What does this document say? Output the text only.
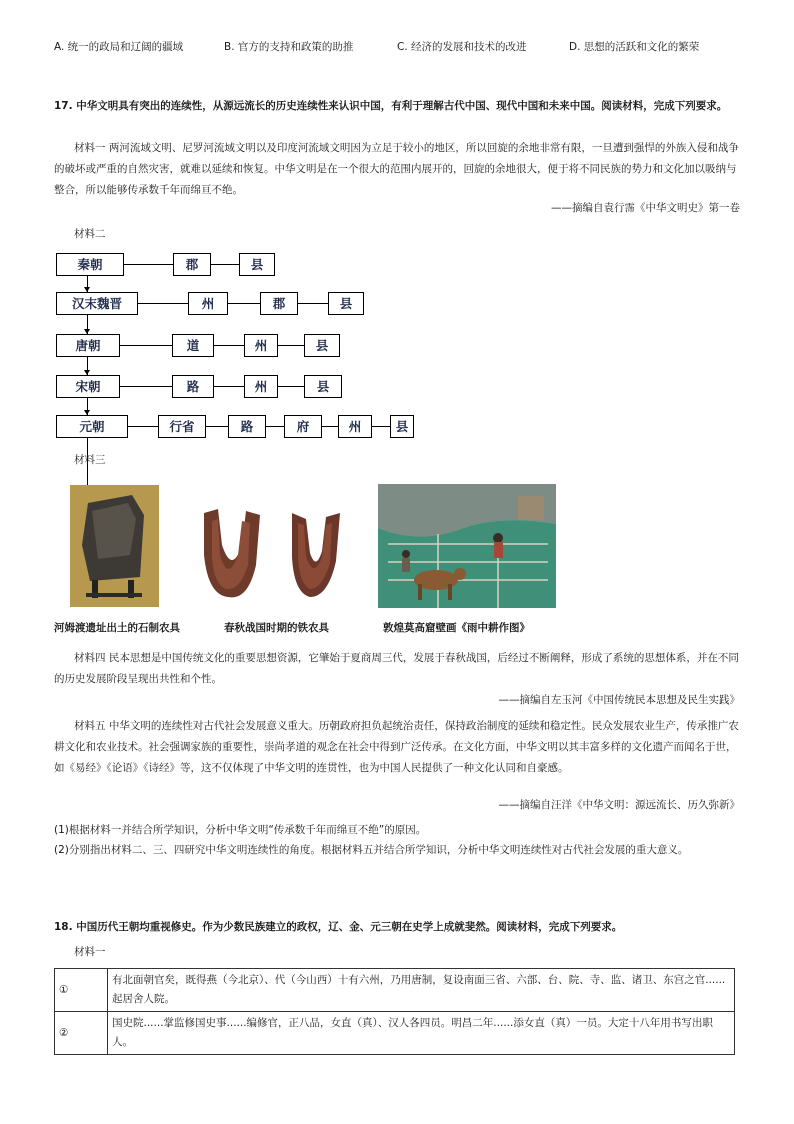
A. 统一的政局和辽阔的疆域	B. 官方的支持和政策的助推	C. 经济的发展和技术的改进	D. 思想的活跃和文化的繁荣
17. 中华文明具有突出的连续性，从源远流长的历史连续性来认识中国，有利于理解古代中国、现代中国和未来中国。阅读材料，完成下列要求。
材料一 两河流域文明、尼罗河流域文明以及印度河流域文明因为立足于较小的地区，所以回旋的余地非常有限，一旦遭到强悍的外族入侵和战争的破坏或严重的自然灾害，就难以延续和恢复。中华文明是在一个很大的范围内展开的，回旋的余地很大，便于将不同民族的势力和文化加以吸纳与整合，所以能够传承数千年而绵亘不绝。
——摘编自袁行霈《中华文明史》第一卷
材料二
秦朝	郡	县
汉末魏晋	州	郡	县
唐朝	道	州	县
宋朝	路	州	县
元朝	行省	路	府	州	县
材料三
河姆渡遗址出土的石制农具	春秋战国时期的铁农具	敦煌莫高窟壁画《雨中耕作图》
材料四 民本思想是中国传统文化的重要思想资源，它肇始于夏商周三代，发展于春秋战国，后经过不断阐释，形成了系统的思想体系，并在不同的历史发展阶段呈现出共性和个性。
——摘编自左玉河《中国传统民本思想及民生实践》
材料五 中华文明的连续性对古代社会发展意义重大。历朝政府担负起统治责任，保持政治制度的延续和稳定性。民众发展农业生产，传承推广农耕文化和农业技术。社会强调家族的重要性，崇尚孝道的观念在社会中得到广泛传承。在文化方面，中华文明以其丰富多样的文化遗产而闻名于世，如《易经》《论语》《诗经》等，这不仅体现了中华文明的连贯性，也为中国人民提供了一种文化认同和自豪感。
——摘编自汪洋《中华文明：源远流长、历久弥新》
(1)根据材料一并结合所学知识，分析中华文明“传承数千年而绵亘不绝”的原因。
(2)分别指出材料二、三、四研究中华文明连续性的角度。根据材料五并结合所学知识，分析中华文明连续性对古代社会发展的重大意义。
18. 中国历代王朝均重视修史。作为少数民族建立的政权，辽、金、元三朝在史学上成就斐然。阅读材料，完成下列要求。
材料一
①	有北面朝官矣，既得燕（今北京）、代（今山西）十有六州，乃用唐制，复设南面三省、六部、台、院、寺、监、诸卫、东宫之官......起居舍人院。
②	国史院......掌监修国史事......编修官，正八品，女直（真）、汉人各四员。明昌二年......添女直（真）一员。大定十八年用书写出职人。
